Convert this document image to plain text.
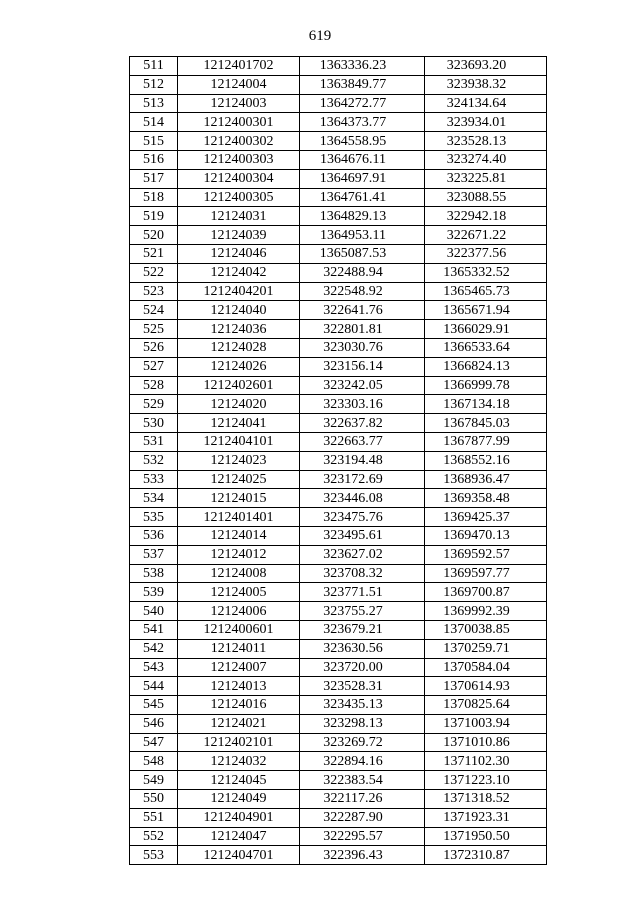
619
511	1212401702	1363336.23	323693.20
512	12124004	1363849.77	323938.32
513	12124003	1364272.77	324134.64
514	1212400301	1364373.77	323934.01
515	1212400302	1364558.95	323528.13
516	1212400303	1364676.11	323274.40
517	1212400304	1364697.91	323225.81
518	1212400305	1364761.41	323088.55
519	12124031	1364829.13	322942.18
520	12124039	1364953.11	322671.22
521	12124046	1365087.53	322377.56
522	12124042	322488.94	1365332.52
523	1212404201	322548.92	1365465.73
524	12124040	322641.76	1365671.94
525	12124036	322801.81	1366029.91
526	12124028	323030.76	1366533.64
527	12124026	323156.14	1366824.13
528	1212402601	323242.05	1366999.78
529	12124020	323303.16	1367134.18
530	12124041	322637.82	1367845.03
531	1212404101	322663.77	1367877.99
532	12124023	323194.48	1368552.16
533	12124025	323172.69	1368936.47
534	12124015	323446.08	1369358.48
535	1212401401	323475.76	1369425.37
536	12124014	323495.61	1369470.13
537	12124012	323627.02	1369592.57
538	12124008	323708.32	1369597.77
539	12124005	323771.51	1369700.87
540	12124006	323755.27	1369992.39
541	1212400601	323679.21	1370038.85
542	12124011	323630.56	1370259.71
543	12124007	323720.00	1370584.04
544	12124013	323528.31	1370614.93
545	12124016	323435.13	1370825.64
546	12124021	323298.13	1371003.94
547	1212402101	323269.72	1371010.86
548	12124032	322894.16	1371102.30
549	12124045	322383.54	1371223.10
550	12124049	322117.26	1371318.52
551	1212404901	322287.90	1371923.31
552	12124047	322295.57	1371950.50
553	1212404701	322396.43	1372310.87
